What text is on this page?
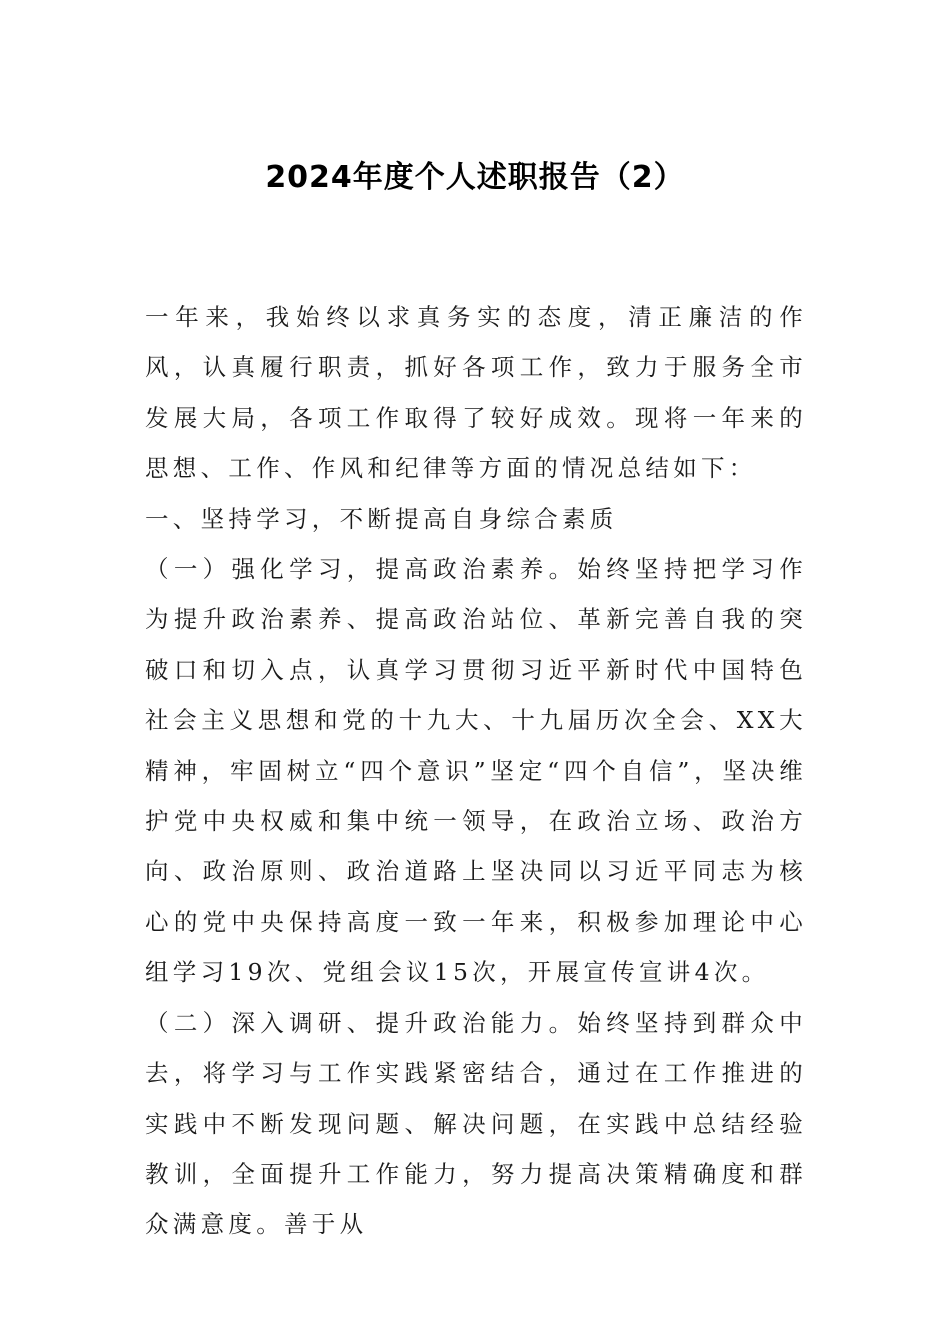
2024年度个人述职报告（2）

一年来，我始终以求真务实的态度，清正廉洁的作风，认真履行职责，抓好各项工作，致力于服务全市发展大局，各项工作取得了较好成效。现将一年来的思想、工作、作风和纪律等方面的情况总结如下：

一、坚持学习，不断提高自身综合素质

（一）强化学习，提高政治素养。始终坚持把学习作为提升政治素养、提高政治站位、革新完善自我的突破口和切入点，认真学习贯彻习近平新时代中国特色社会主义思想和党的十九大、十九届历次全会、XX大精神，牢固树立“四个意识”坚定“四个自信”，坚决维护党中央权威和集中统一领导，在政治立场、政治方向、政治原则、政治道路上坚决同以习近平同志为核心的党中央保持高度一致一年来，积极参加理论中心组学习19次、党组会议15次，开展宣传宣讲4次。

（二）深入调研、提升政治能力。始终坚持到群众中去，将学习与工作实践紧密结合，通过在工作推进的实践中不断发现问题、解决问题，在实践中总结经验教训，全面提升工作能力，努力提高决策精确度和群众满意度。善于从
